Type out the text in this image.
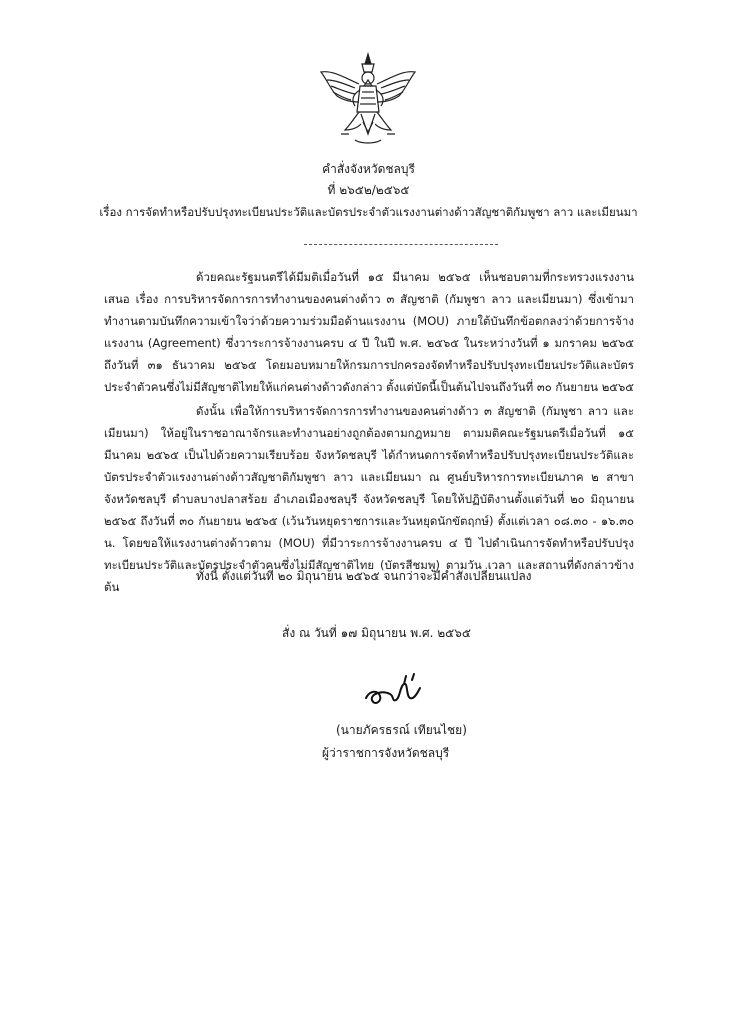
คำสั่งจังหวัดชลบุรี
ที่ ๒๖๕๒/๒๕๖๕
เรื่อง การจัดทำหรือปรับปรุงทะเบียนประวัติและบัตรประจำตัวแรงงานต่างด้าวสัญชาติกัมพูชา ลาว และเมียนมา
ด้วยคณะรัฐมนตรีได้มีมติเมื่อวันที่ ๑๕ มีนาคม ๒๕๖๕ เห็นชอบตามที่กระทรวงแรงงานเสนอ เรื่อง การบริหารจัดการการทำงานของคนต่างด้าว ๓ สัญชาติ (กัมพูชา ลาว และเมียนมา) ซึ่งเข้ามาทำงานตามบันทึกความเข้าใจว่าด้วยความร่วมมือด้านแรงงาน (MOU) ภายใต้บันทึกข้อตกลงว่าด้วยการจ้างแรงงาน (Agreement) ซึ่งวาระการจ้างงานครบ ๔ ปี ในปี พ.ศ. ๒๕๖๕ ในระหว่างวันที่ ๑ มกราคม ๒๕๖๕ ถึงวันที่ ๓๑ ธันวาคม ๒๕๖๕ โดยมอบหมายให้กรมการปกครองจัดทำหรือปรับปรุงทะเบียนประวัติและบัตรประจำตัวคนซึ่งไม่มีสัญชาติไทยให้แก่คนต่างด้าวดังกล่าว ตั้งแต่บัดนี้เป็นต้นไปจนถึงวันที่ ๓๐ กันยายน ๒๕๖๕
ดังนั้น เพื่อให้การบริหารจัดการการทำงานของคนต่างด้าว ๓ สัญชาติ (กัมพูชา ลาว และเมียนมา) ให้อยู่ในราชอาณาจักรและทำงานอย่างถูกต้องตามกฎหมาย ตามมติคณะรัฐมนตรีเมื่อวันที่ ๑๕ มีนาคม ๒๕๖๕ เป็นไปด้วยความเรียบร้อย จังหวัดชลบุรี ได้กำหนดการจัดทำหรือปรับปรุงทะเบียนประวัติและบัตรประจำตัวแรงงานต่างด้าวสัญชาติกัมพูชา ลาว และเมียนมา ณ ศูนย์บริหารการทะเบียนภาค ๒ สาขาจังหวัดชลบุรี ตำบลบางปลาสร้อย อำเภอเมืองชลบุรี จังหวัดชลบุรี โดยให้ปฏิบัติงานตั้งแต่วันที่ ๒๐ มิถุนายน ๒๕๖๕ ถึงวันที่ ๓๐ กันยายน ๒๕๖๕ (เว้นวันหยุดราชการและวันหยุดนักขัตฤกษ์) ตั้งแต่เวลา ๐๘.๓๐ - ๑๖.๓๐ น. โดยขอให้แรงงานต่างด้าวตาม (MOU) ที่มีวาระการจ้างงานครบ ๔ ปี ไปดำเนินการจัดทำหรือปรับปรุงทะเบียนประวัติและบัตรประจำตัวคนซึ่งไม่มีสัญชาติไทย (บัตรสีชมพู) ตามวัน เวลา และสถานที่ดังกล่าวข้างต้น
ทั้งนี้ ตั้งแต่วันที่ ๒๐ มิถุนายน ๒๕๖๕ จนกว่าจะมีคำสั่งเปลี่ยนแปลง
สั่ง ณ วันที่ ๑๗ มิถุนายน พ.ศ. ๒๕๖๕
(นายภัครธรณ์ เทียนไชย)
ผู้ว่าราชการจังหวัดชลบุรี
